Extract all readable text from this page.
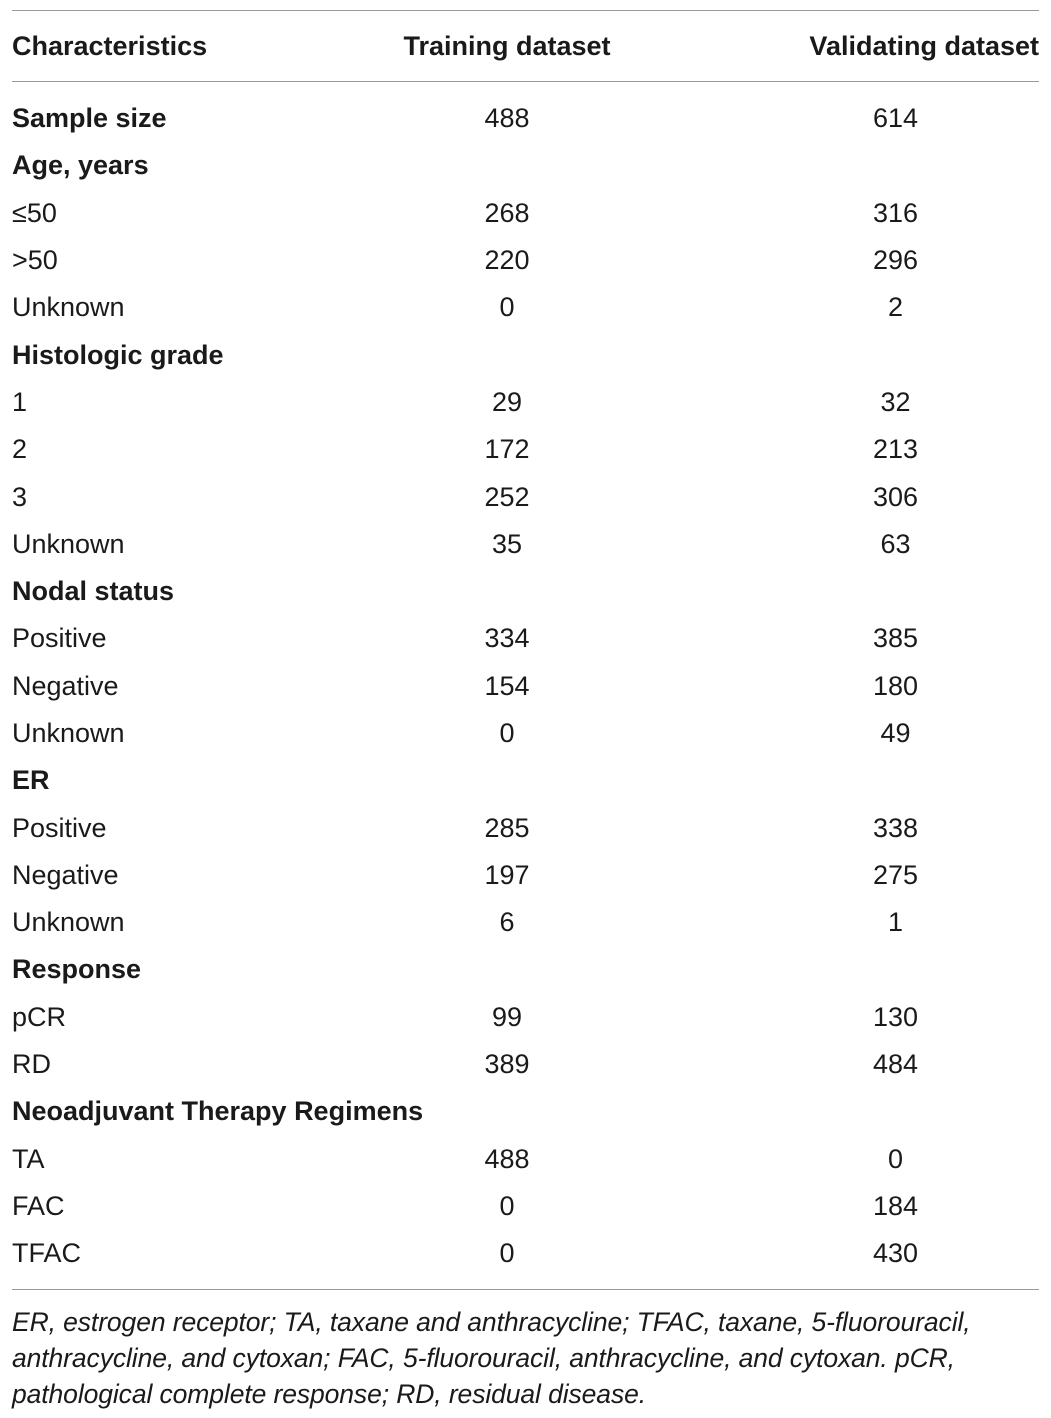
Characteristics	Training dataset	Validating dataset
Sample size	488	614
Age, years
≤50	268	316
>50	220	296
Unknown	0	2
Histologic grade
1	29	32
2	172	213
3	252	306
Unknown	35	63
Nodal status
Positive	334	385
Negative	154	180
Unknown	0	49
ER
Positive	285	338
Negative	197	275
Unknown	6	1
Response
pCR	99	130
RD	389	484
Neoadjuvant Therapy Regimens
TA	488	0
FAC	0	184
TFAC	0	430
ER, estrogen receptor; TA, taxane and anthracycline; TFAC, taxane, 5-fluorouracil, anthracycline, and cytoxan; FAC, 5-fluorouracil, anthracycline, and cytoxan. pCR, pathological complete response; RD, residual disease.
